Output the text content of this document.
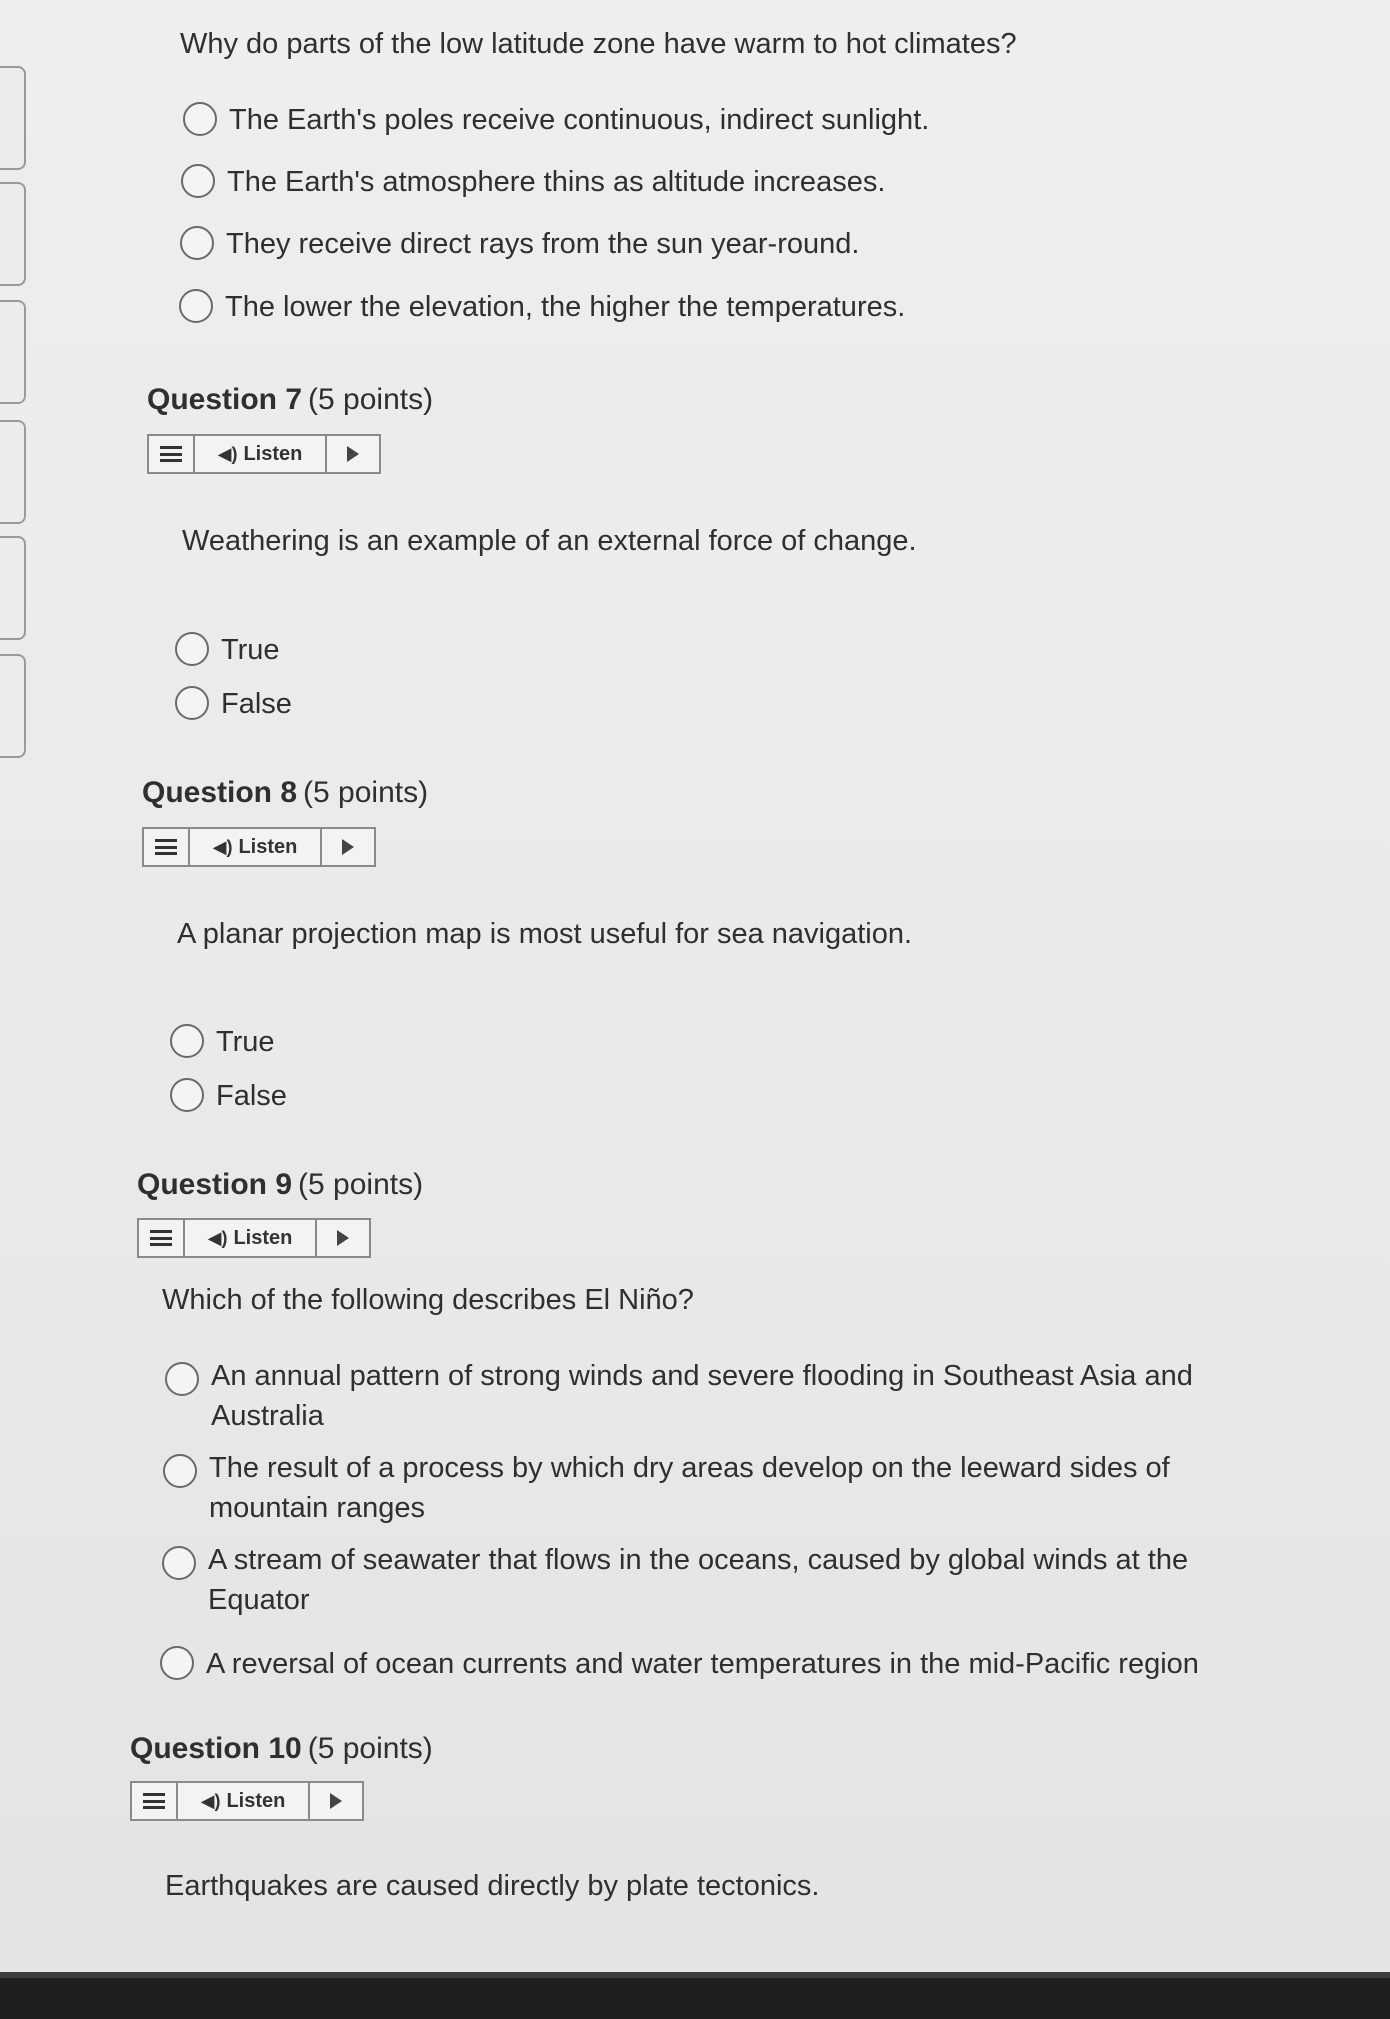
Why do parts of the low latitude zone have warm to hot climates?
The Earth's poles receive continuous, indirect sunlight.
The Earth's atmosphere thins as altitude increases.
They receive direct rays from the sun year-round.
The lower the elevation, the higher the temperatures.
Question 7 (5 points)
◀) Listen
Weathering is an example of an external force of change.
True
False
Question 8 (5 points)
◀) Listen
A planar projection map is most useful for sea navigation.
True
False
Question 9 (5 points)
◀) Listen
Which of the following describes El Niño?
An annual pattern of strong winds and severe flooding in Southeast Asia and
Australia
The result of a process by which dry areas develop on the leeward sides of
mountain ranges
A stream of seawater that flows in the oceans, caused by global winds at the
Equator
A reversal of ocean currents and water temperatures in the mid-Pacific region
Question 10 (5 points)
◀) Listen
Earthquakes are caused directly by plate tectonics.
